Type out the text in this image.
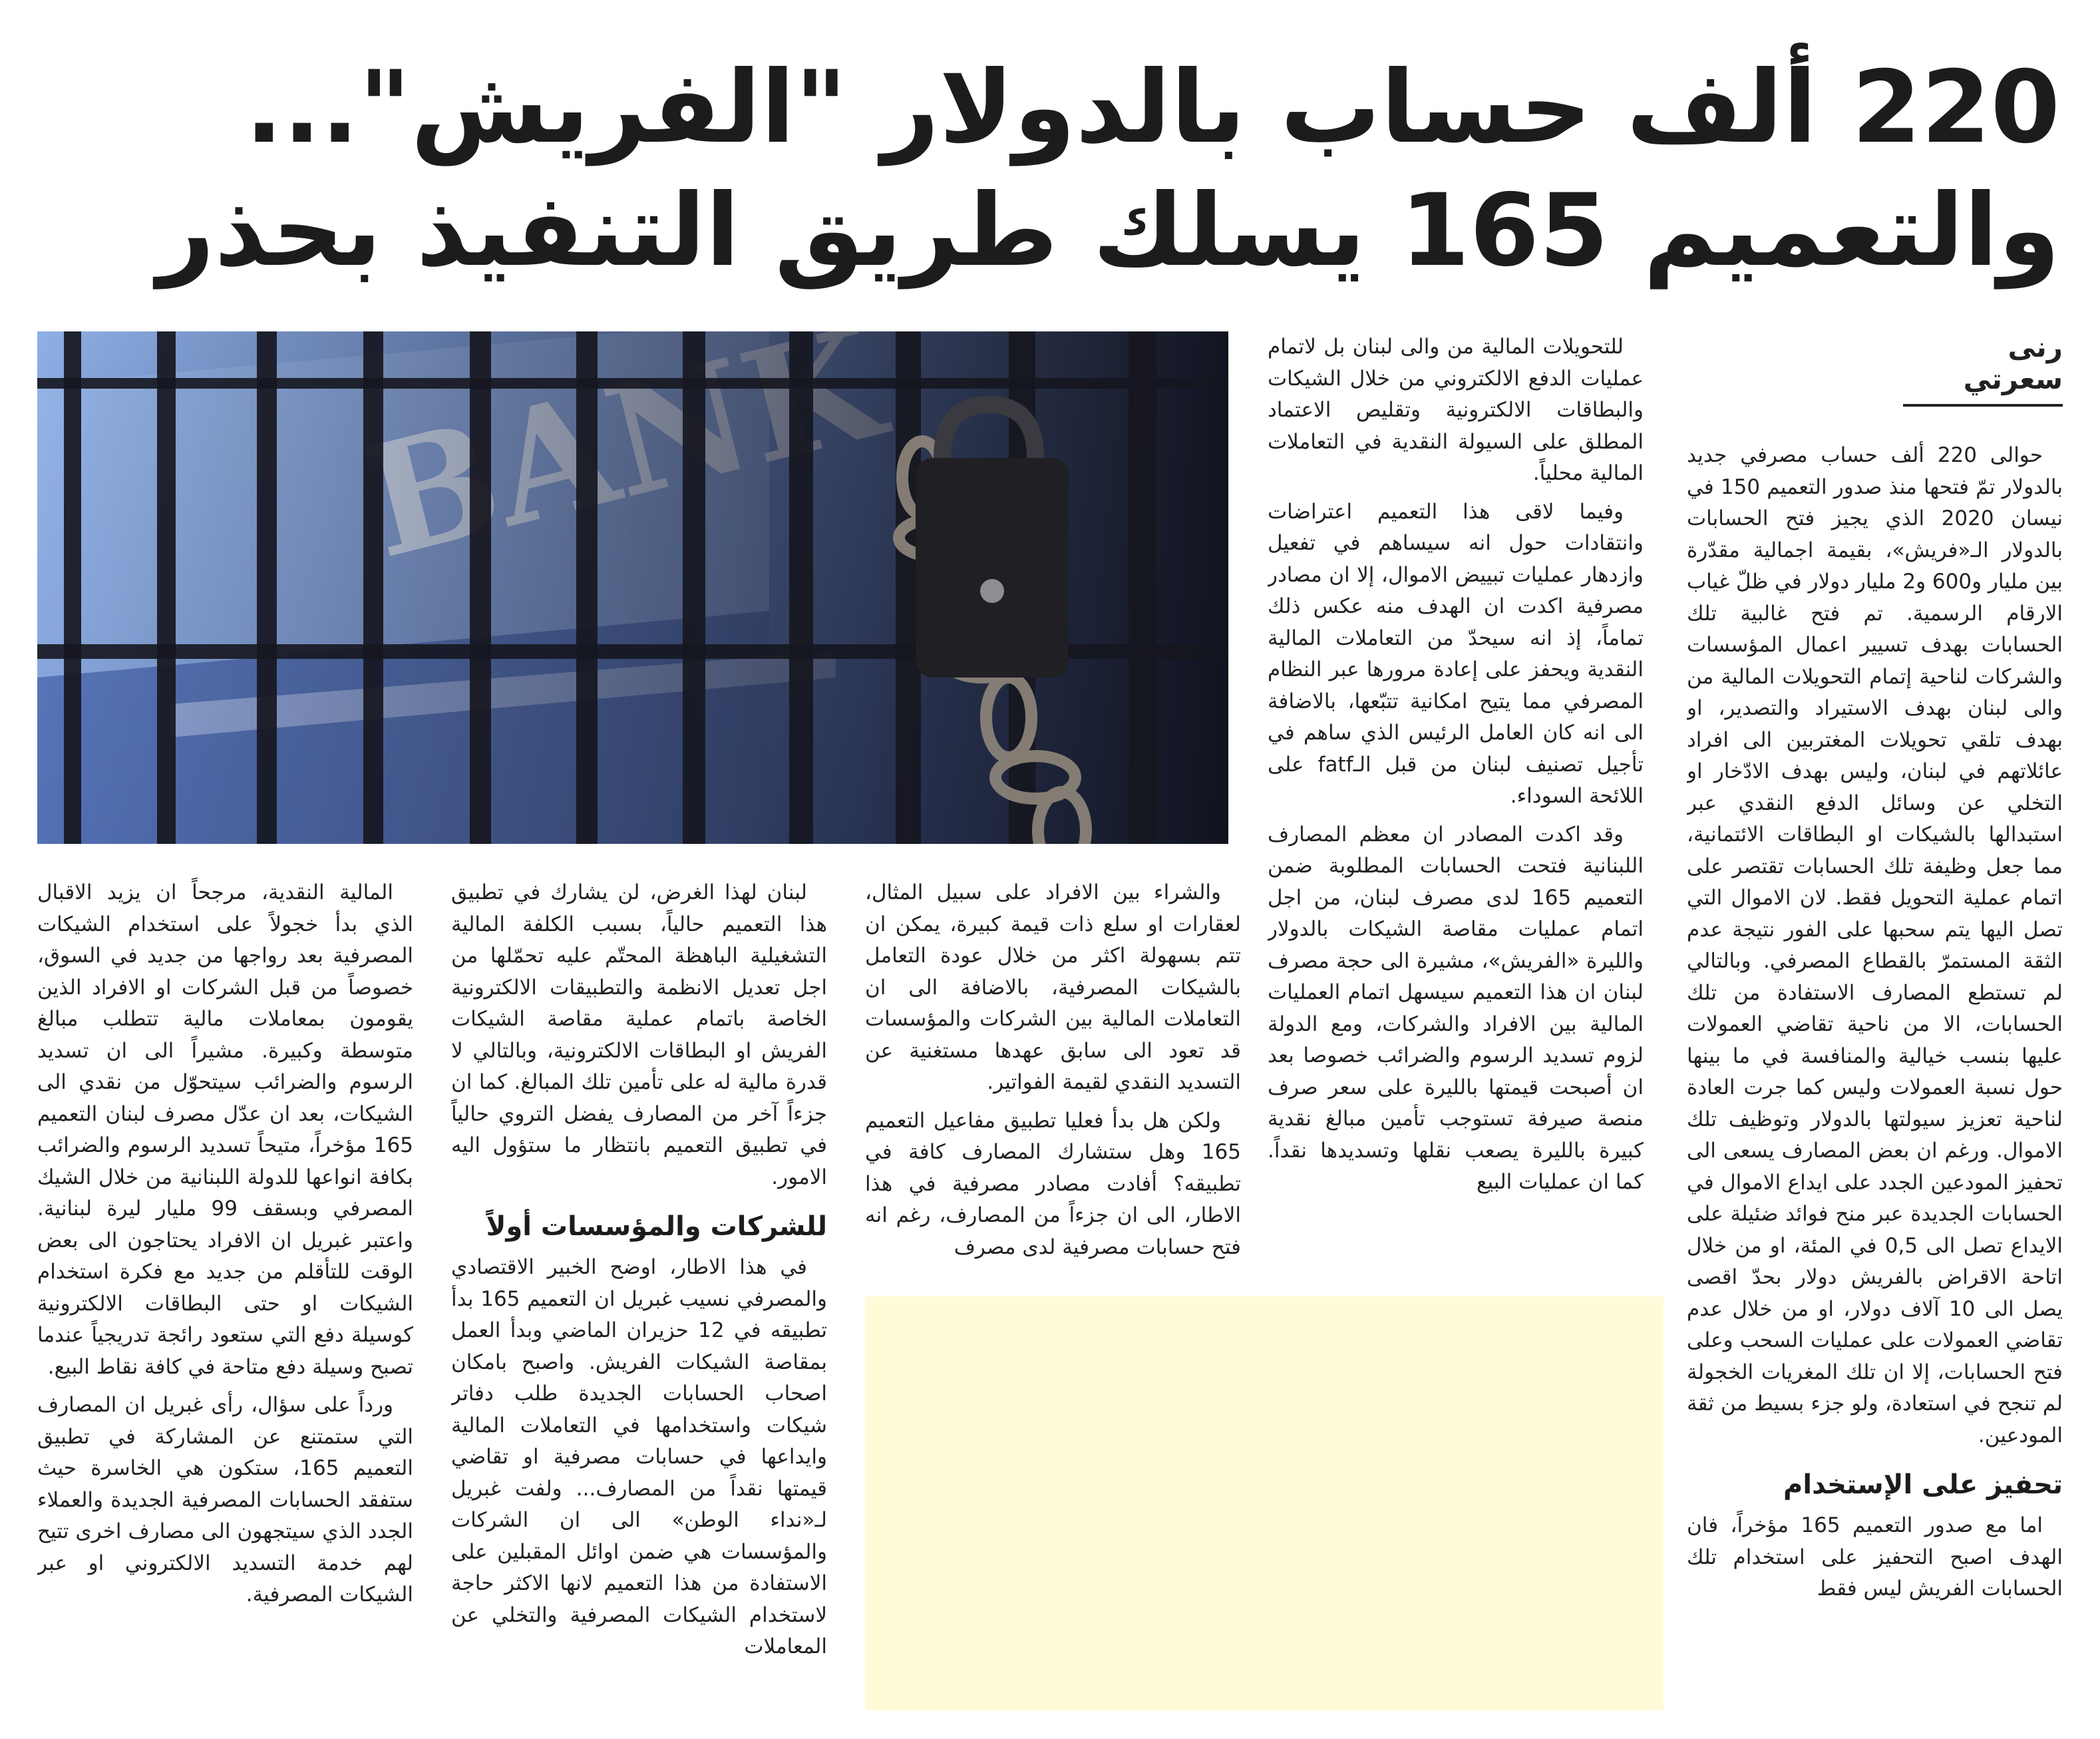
220 ألف حساب بالدولار "الفريش"...
والتعميم 165 يسلك طريق التنفيذ بحذر
رنى سعرتي

حوالى 220 ألف حساب مصرفي جديد بالدولار تمّ فتحها منذ صدور التعميم 150 في نيسان 2020 الذي يجيز فتح الحسابات بالدولار الـ«فريش»، بقيمة اجمالية مقدّرة بين مليار و600 و2 مليار دولار في ظلّ غياب الارقام الرسمية. تم فتح غالبية تلك الحسابات بهدف تسيير اعمال المؤسسات والشركات لناحية إتمام التحويلات المالية من والى لبنان بهدف الاستيراد والتصدير، او بهدف تلقي تحويلات المغتربين الى افراد عائلاتهم في لبنان، وليس بهدف الادّخار او التخلي عن وسائل الدفع النقدي عبر استبدالها بالشيكات او البطاقات الائتمانية، مما جعل وظيفة تلك الحسابات تقتصر على اتمام عملية التحويل فقط. لان الاموال التي تصل اليها يتم سحبها على الفور نتيجة عدم الثقة المستمرّ بالقطاع المصرفي. وبالتالي لم تستطع المصارف الاستفادة من تلك الحسابات، الا من ناحية تقاضي العمولات عليها بنسب خيالية والمنافسة في ما بينها حول نسبة العمولات وليس كما جرت العادة لناحية تعزيز سيولتها بالدولار وتوظيف تلك الاموال. ورغم ان بعض المصارف يسعى الى تحفيز المودعين الجدد على ايداع الاموال في الحسابات الجديدة عبر منح فوائد ضئيلة على الايداع تصل الى 0,5 في المئة، او من خلال اتاحة الاقراض بالفريش دولار بحدّ اقصى يصل الى 10 آلاف دولار، او من خلال عدم تقاضي العمولات على عمليات السحب وعلى فتح الحسابات، إلا ان تلك المغريات الخجولة لم تنجح في استعادة، ولو جزء بسيط من ثقة المودعين.

تحفيز على الإستخدام

اما مع صدور التعميم 165 مؤخراً، فان الهدف اصبح التحفيز على استخدام تلك الحسابات الفريش ليس فقط

للتحويلات المالية من والى لبنان بل لاتمام عمليات الدفع الالكتروني من خلال الشيكات والبطاقات الالكترونية وتقليص الاعتماد المطلق على السيولة النقدية في التعاملات المالية محلياً.

وفيما لاقى هذا التعميم اعتراضات وانتقادات حول انه سيساهم في تفعيل وازدهار عمليات تبييض الاموال، إلا ان مصادر مصرفية اكدت ان الهدف منه عكس ذلك تماماً، إذ انه سيحدّ من التعاملات المالية النقدية ويحفز على إعادة مرورها عبر النظام المصرفي مما يتيح امكانية تتبّعها، بالاضافة الى انه كان العامل الرئيس الذي ساهم في تأجيل تصنيف لبنان من قبل الـfatf على اللائحة السوداء.

وقد اكدت المصادر ان معظم المصارف اللبنانية فتحت الحسابات المطلوبة ضمن التعميم 165 لدى مصرف لبنان، من اجل اتمام عمليات مقاصة الشيكات بالدولار والليرة «الفريش»، مشيرة الى حجة مصرف لبنان ان هذا التعميم سيسهل اتمام العمليات المالية بين الافراد والشركات، ومع الدولة لزوم تسديد الرسوم والضرائب خصوصا بعد ان أصبحت قيمتها بالليرة على سعر صرف منصة صيرفة تستوجب تأمين مبالغ نقدية كبيرة بالليرة يصعب نقلها وتسديدها نقداً. كما ان عمليات البيع

والشراء بين الافراد على سبيل المثال، لعقارات او سلع ذات قيمة كبيرة، يمكن ان تتم بسهولة اكثر من خلال عودة التعامل بالشيكات المصرفية، بالاضافة الى ان التعاملات المالية بين الشركات والمؤسسات قد تعود الى سابق عهدها مستغنية عن التسديد النقدي لقيمة الفواتير.

ولكن هل بدأ فعليا تطبيق مفاعيل التعميم 165 وهل ستشارك المصارف كافة في تطبيقه؟ أفادت مصادر مصرفية في هذا الاطار، الى ان جزءاً من المصارف، رغم انه فتح حسابات مصرفية لدى مصرف

لبنان لهذا الغرض، لن يشارك في تطبيق هذا التعميم حالياً، بسبب الكلفة المالية التشغيلية الباهظة المحتّم عليه تحمّلها من اجل تعديل الانظمة والتطبيقات الالكترونية الخاصة باتمام عملية مقاصة الشيكات الفريش او البطاقات الالكترونية، وبالتالي لا قدرة مالية له على تأمين تلك المبالغ. كما ان جزءاً آخر من المصارف يفضل التروي حالياً في تطبيق التعميم بانتظار ما ستؤول اليه الامور.

للشركات والمؤسسات أولاً

في هذا الاطار، اوضح الخبير الاقتصادي والمصرفي نسيب غبريل ان التعميم 165 بدأ تطبيقه في 12 حزيران الماضي وبدأ العمل بمقاصة الشيكات الفريش. واصبح بامكان اصحاب الحسابات الجديدة طلب دفاتر شيكات واستخدامها في التعاملات المالية وايداعها في حسابات مصرفية او تقاضي قيمتها نقداً من المصارف... ولفت غبريل لـ«نداء الوطن» الى ان الشركات والمؤسسات هي ضمن اوائل المقبلين على الاستفادة من هذا التعميم لانها الاكثر حاجة لاستخدام الشيكات المصرفية والتخلي عن المعاملات

المالية النقدية، مرجحاً ان يزيد الاقبال الذي بدأ خجولاً على استخدام الشيكات المصرفية بعد رواجها من جديد في السوق، خصوصاً من قبل الشركات او الافراد الذين يقومون بمعاملات مالية تتطلب مبالغ متوسطة وكبيرة. مشيراً الى ان تسديد الرسوم والضرائب سيتحوّل من نقدي الى الشيكات، بعد ان عدّل مصرف لبنان التعميم 165 مؤخراً، متيحاً تسديد الرسوم والضرائب بكافة انواعها للدولة اللبنانية من خلال الشيك المصرفي وبسقف 99 مليار ليرة لبنانية. واعتبر غبريل ان الافراد يحتاجون الى بعض الوقت للتأقلم من جديد مع فكرة استخدام الشيكات او حتى البطاقات الالكترونية كوسيلة دفع التي ستعود رائجة تدريجياً عندما تصبح وسيلة دفع متاحة في كافة نقاط البيع.

ورداً على سؤال، رأى غبريل ان المصارف التي ستمتنع عن المشاركة في تطبيق التعميم 165، ستكون هي الخاسرة حيث ستفقد الحسابات المصرفية الجديدة والعملاء الجدد الذي سيتجهون الى مصارف اخرى تتيح لهم خدمة التسديد الالكتروني او عبر الشيكات المصرفية.
